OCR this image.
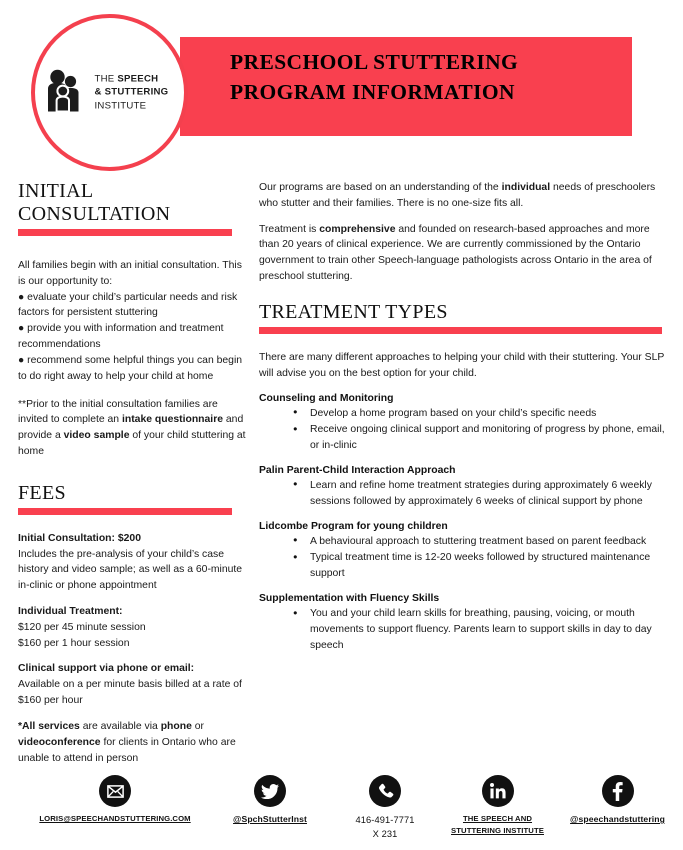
PRESCHOOL STUTTERING
PROGRAM INFORMATION
THE SPEECH
& STUTTERING
INSTITUTE
INITIAL CONSULTATION
All families begin with an initial consultation. This is our opportunity to:
● evaluate your child’s particular needs and risk factors for persistent stuttering
● provide you with information and treatment recommendations
● recommend some helpful things you can begin to do right away to help your child at home
**Prior to the initial consultation families are invited to complete an intake questionnaire and provide a video sample of your child stuttering at home
FEES
Initial Consultation: $200
Includes the pre-analysis of your child’s case history and video sample; as well as a 60-minute in-clinic or phone appointment
Individual Treatment:
$120 per 45 minute session
$160 per 1 hour session
Clinical support via phone or email:
Available on a per minute basis billed at a rate of $160 per hour
*All services are available via phone or videoconference for clients in Ontario who are unable to attend in person
Our programs are based on an understanding of the individual needs of preschoolers who stutter and their families. There is no one-size fits all.
Treatment is comprehensive and founded on research-based approaches and more than 20 years of clinical experience. We are currently commissioned by the Ontario government to train other Speech-language pathologists across Ontario in the area of preschool stuttering.
TREATMENT TYPES
There are many different approaches to helping your child with their stuttering. Your SLP will advise you on the best option for your child.
Counseling and Monitoring
● Develop a home program based on your child’s specific needs
● Receive ongoing clinical support and monitoring of progress by phone, email, or in-clinic
Palin Parent-Child Interaction Approach
● Learn and refine home treatment strategies during approximately 6 weekly sessions followed by approximately 6 weeks of clinical support by phone
Lidcombe Program for young children
● A behavioural approach to stuttering treatment based on parent feedback
● Typical treatment time is 12-20 weeks followed by structured maintenance support
Supplementation with Fluency Skills
● You and your child learn skills for breathing, pausing, voicing, or mouth movements to support fluency. Parents learn to support skills in day to day speech
LORIS@SPEECHANDSTUTTERING.COM	@SpchStutterInst	416-491-7771
X 231
THE SPEECH AND
STUTTERING INSTITUTE
@speechandstuttering
